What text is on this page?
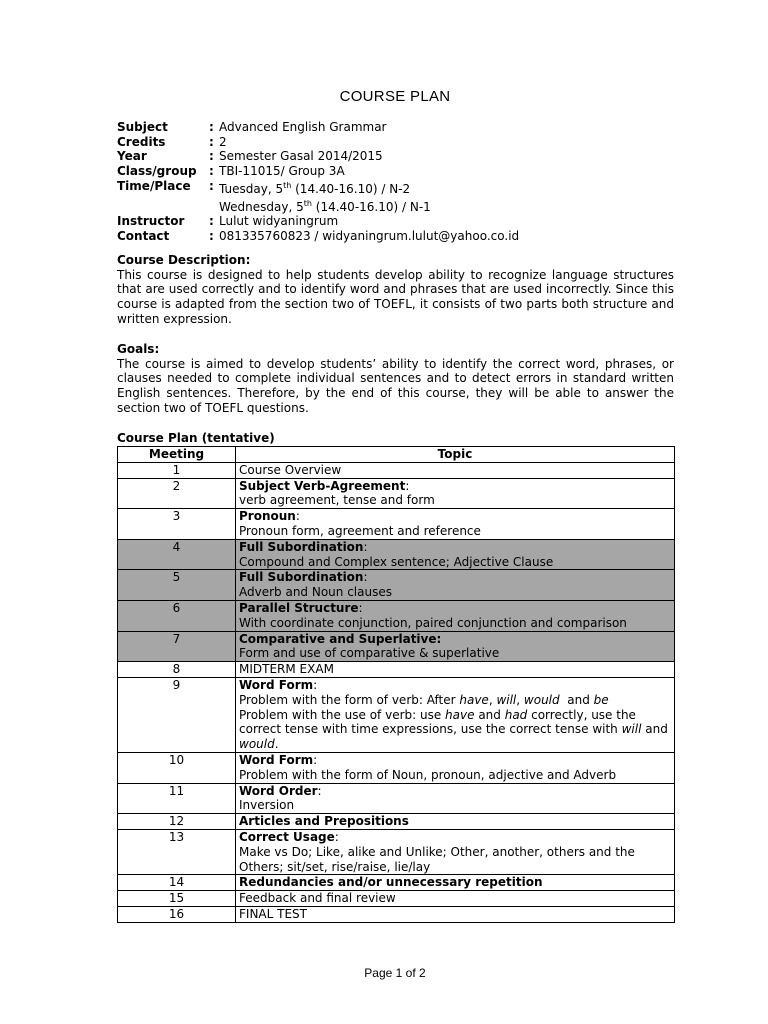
COURSE PLAN
Subject	: Advanced English Grammar
Credits	: 2
Year	: Semester Gasal 2014/2015
Class/group	: TBI-11015/ Group 3A
Time/Place	: Tuesday, 5th (14.40-16.10) / N-2
Wednesday, 5th (14.40-16.10) / N-1
Instructor	: Lulut widyaningrum
Contact	: 081335760823 / widyaningrum.lulut@yahoo.co.id
Course Description:

This course is designed to help students develop ability to recognize language structures that are used correctly and to identify word and phrases that are used incorrectly. Since this course is adapted from the section two of TOEFL, it consists of two parts both structure and written expression.

Goals:

The course is aimed to develop students’ ability to identify the correct word, phrases, or clauses needed to complete individual sentences and to detect errors in standard written English sentences. Therefore, by the end of this course, they will be able to answer the section two of TOEFL questions.

Course Plan (tentative)
Meeting	Topic
1	Course Overview

2	Subject Verb-Agreement:
verb agreement, tense and form

3	Pronoun:
Pronoun form, agreement and reference

4	Full Subordination:
Compound and Complex sentence; Adjective Clause

5	Full Subordination:
Adverb and Noun clauses

6	Parallel Structure:
With coordinate conjunction, paired conjunction and comparison

7	Comparative and Superlative:
Form and use of comparative & superlative

8	MIDTERM EXAM

9	Word Form:
Problem with the form of verb: After have, will, would  and be
Problem with the use of verb: use have and had correctly, use the correct tense with time expressions, use the correct tense with will and would.

10	Word Form:
Problem with the form of Noun, pronoun, adjective and Adverb

11	Word Order:
Inversion

12	Articles and Prepositions

13	Correct Usage:
Make vs Do; Like, alike and Unlike; Other, another, others and the Others; sit/set, rise/raise, lie/lay

14	Redundancies and/or unnecessary repetition

15	Feedback and final review

16	FINAL TEST
Page 1 of 2
